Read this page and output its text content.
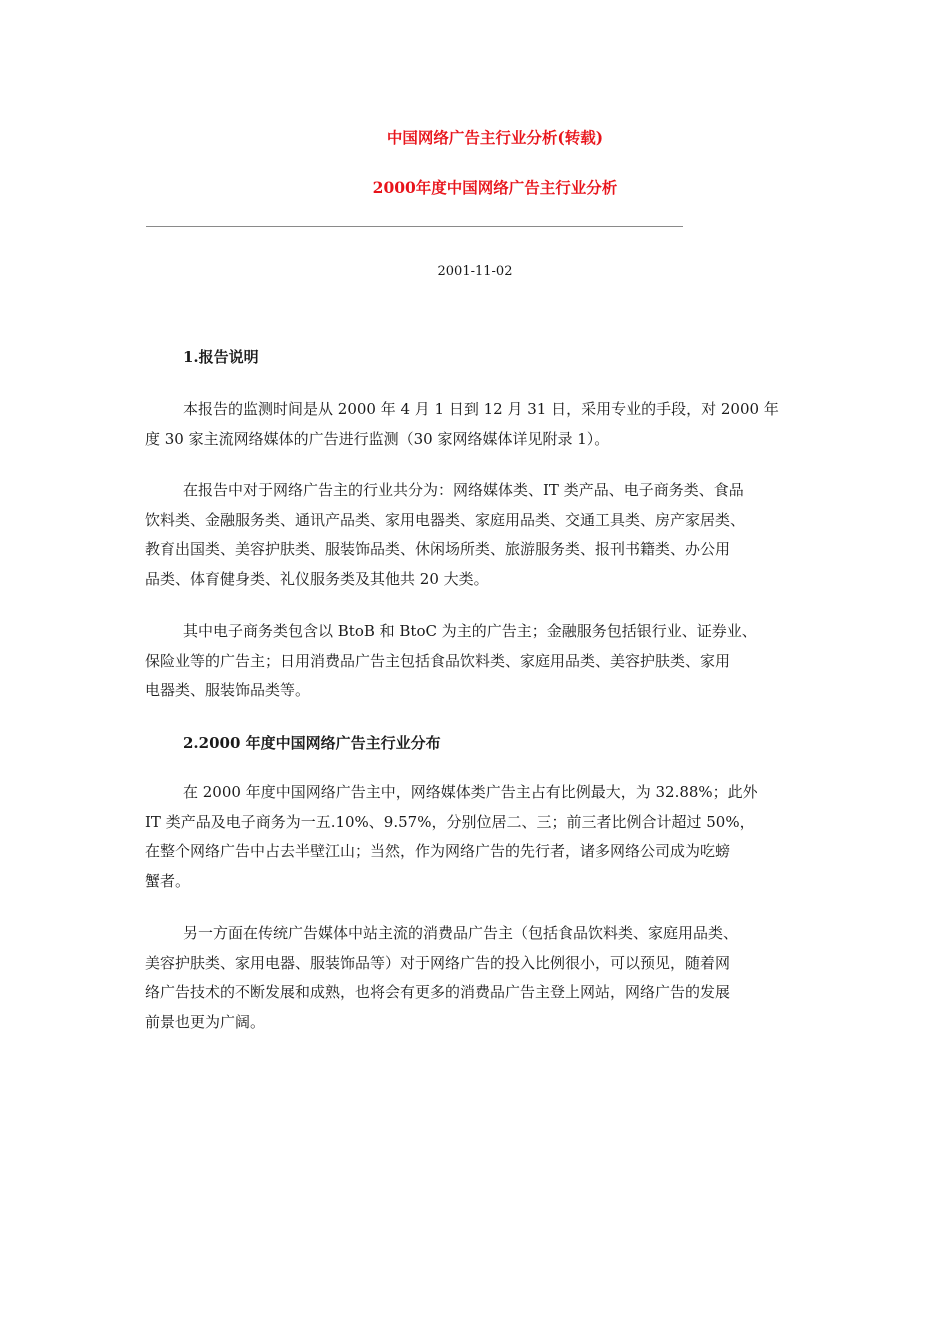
中国网络广告主行业分析(转载)
2000年度中国网络广告主行业分析
2001-11-02
1.报告说明
本报告的监测时间是从 2000 年 4 月 1 日到 12 月 31 日，采用专业的手段，对 2000 年
度 30 家主流网络媒体的广告进行监测（30 家网络媒体详见附录 1）。
在报告中对于网络广告主的行业共分为：网络媒体类、IT 类产品、电子商务类、食品
饮料类、金融服务类、通讯产品类、家用电器类、家庭用品类、交通工具类、房产家居类、
教育出国类、美容护肤类、服装饰品类、休闲场所类、旅游服务类、报刊书籍类、办公用
品类、体育健身类、礼仪服务类及其他共 20 大类。
其中电子商务类包含以 BtoB 和 BtoC 为主的广告主；金融服务包括银行业、证券业、
保险业等的广告主；日用消费品广告主包括食品饮料类、家庭用品类、美容护肤类、家用
电器类、服装饰品类等。
2.2000 年度中国网络广告主行业分布
在 2000 年度中国网络广告主中，网络媒体类广告主占有比例最大，为 32.88%；此外
IT 类产品及电子商务为一五.10%、9.57%，分别位居二、三；前三者比例合计超过 50%，
在整个网络广告中占去半壁江山；当然，作为网络广告的先行者，诸多网络公司成为吃螃
蟹者。
另一方面在传统广告媒体中站主流的消费品广告主（包括食品饮料类、家庭用品类、
美容护肤类、家用电器、服装饰品等）对于网络广告的投入比例很小，可以预见，随着网
络广告技术的不断发展和成熟，也将会有更多的消费品广告主登上网站，网络广告的发展
前景也更为广阔。
